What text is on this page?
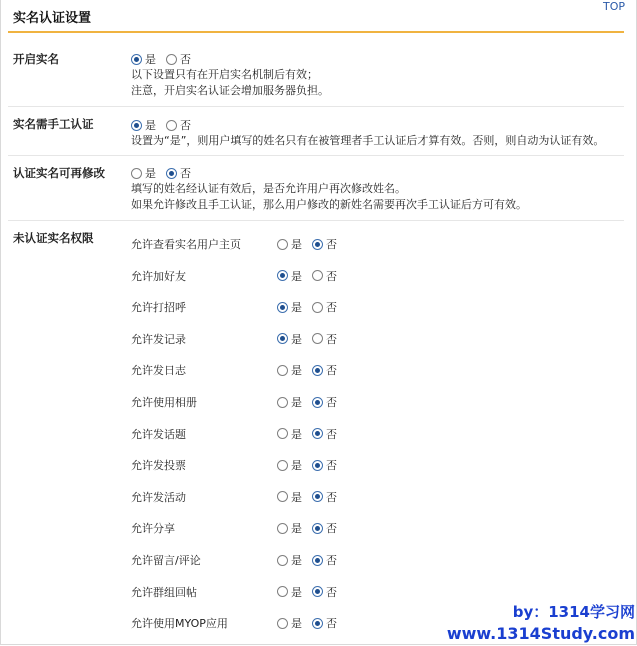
实名认证设置
TOP
开启实名	是 否
以下设置只有在开启实名机制后有效；
注意，开启实名认证会增加服务器负担。
实名需手工认证	是 否
设置为“是”，则用户填写的姓名只有在被管理者手工认证后才算有效。否则，则自动为认证有效。
认证实名可再修改	是 否
填写的姓名经认证有效后，是否允许用户再次修改姓名。
如果允许修改且手工认证，那么用户修改的新姓名需要再次手工认证后方可有效。
未认证实名权限	允许查看实名用户主页	是 否
允许加好友	是 否
允许打招呼	是 否
允许发记录	是 否
允许发日志	是 否
允许使用相册	是 否
允许发话题	是 否
允许发投票	是 否
允许发活动	是 否
允许分享	是 否
允许留言/评论	是 否
允许群组回帖	是 否
允许使用MYOP应用	是 否
by：1314学习网
www.1314Study.com
